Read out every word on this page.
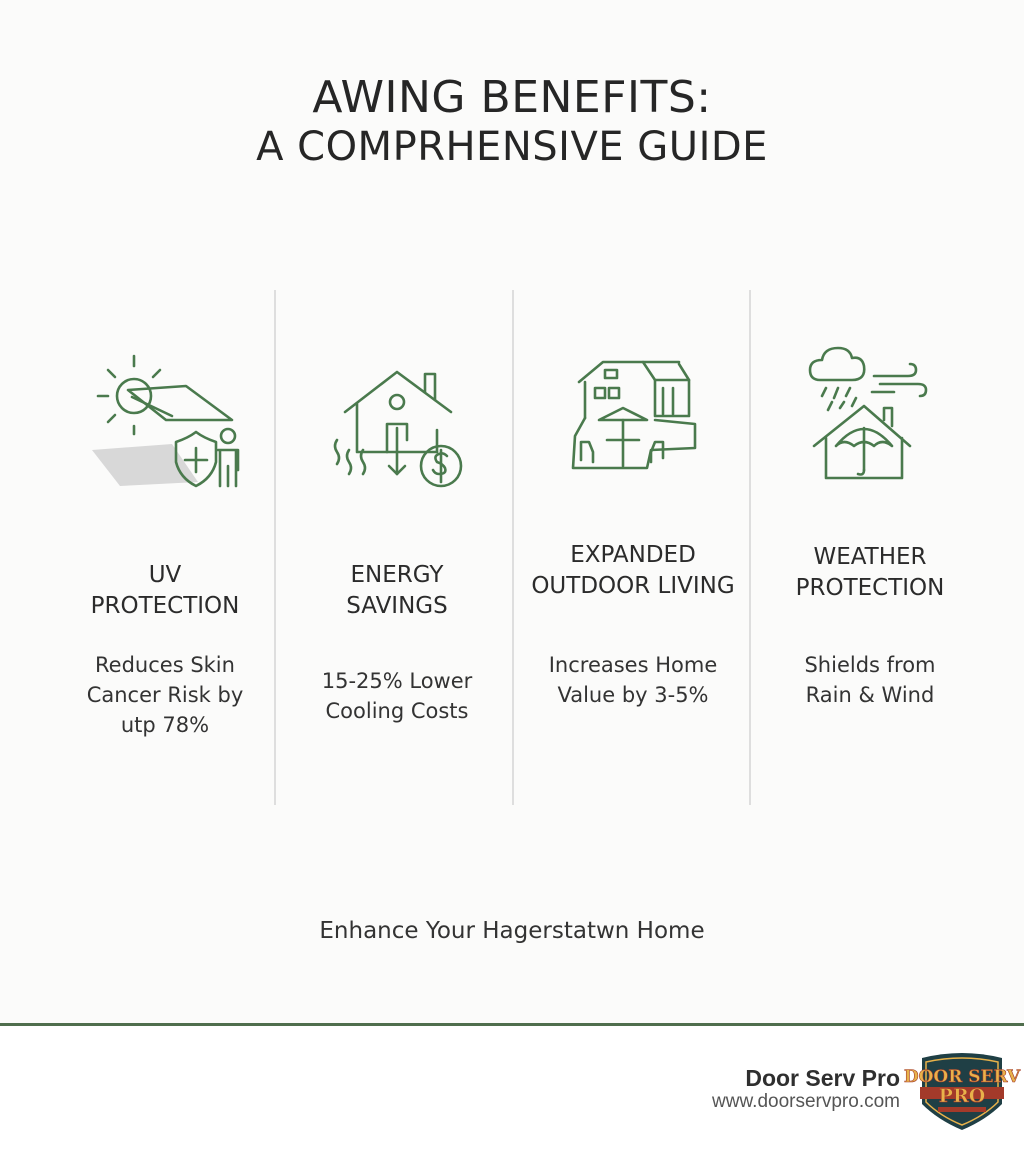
AWING BENEFITS:
A COMPRHENSIVE GUIDE
UV
PROTECTION
Reduces Skin
Cancer Risk by
utp 78%
ENERGY
SAVINGS
15-25% Lower
Cooling Costs
EXPANDED
OUTDOOR LIVING
Increases Home
Value by 3-5%
WEATHER
PROTECTION
Shields from
Rain & Wind
Enhance Your Hagerstatwn Home
Door Serv Pro
www.doorservpro.com
DOOR SERV
PRO
